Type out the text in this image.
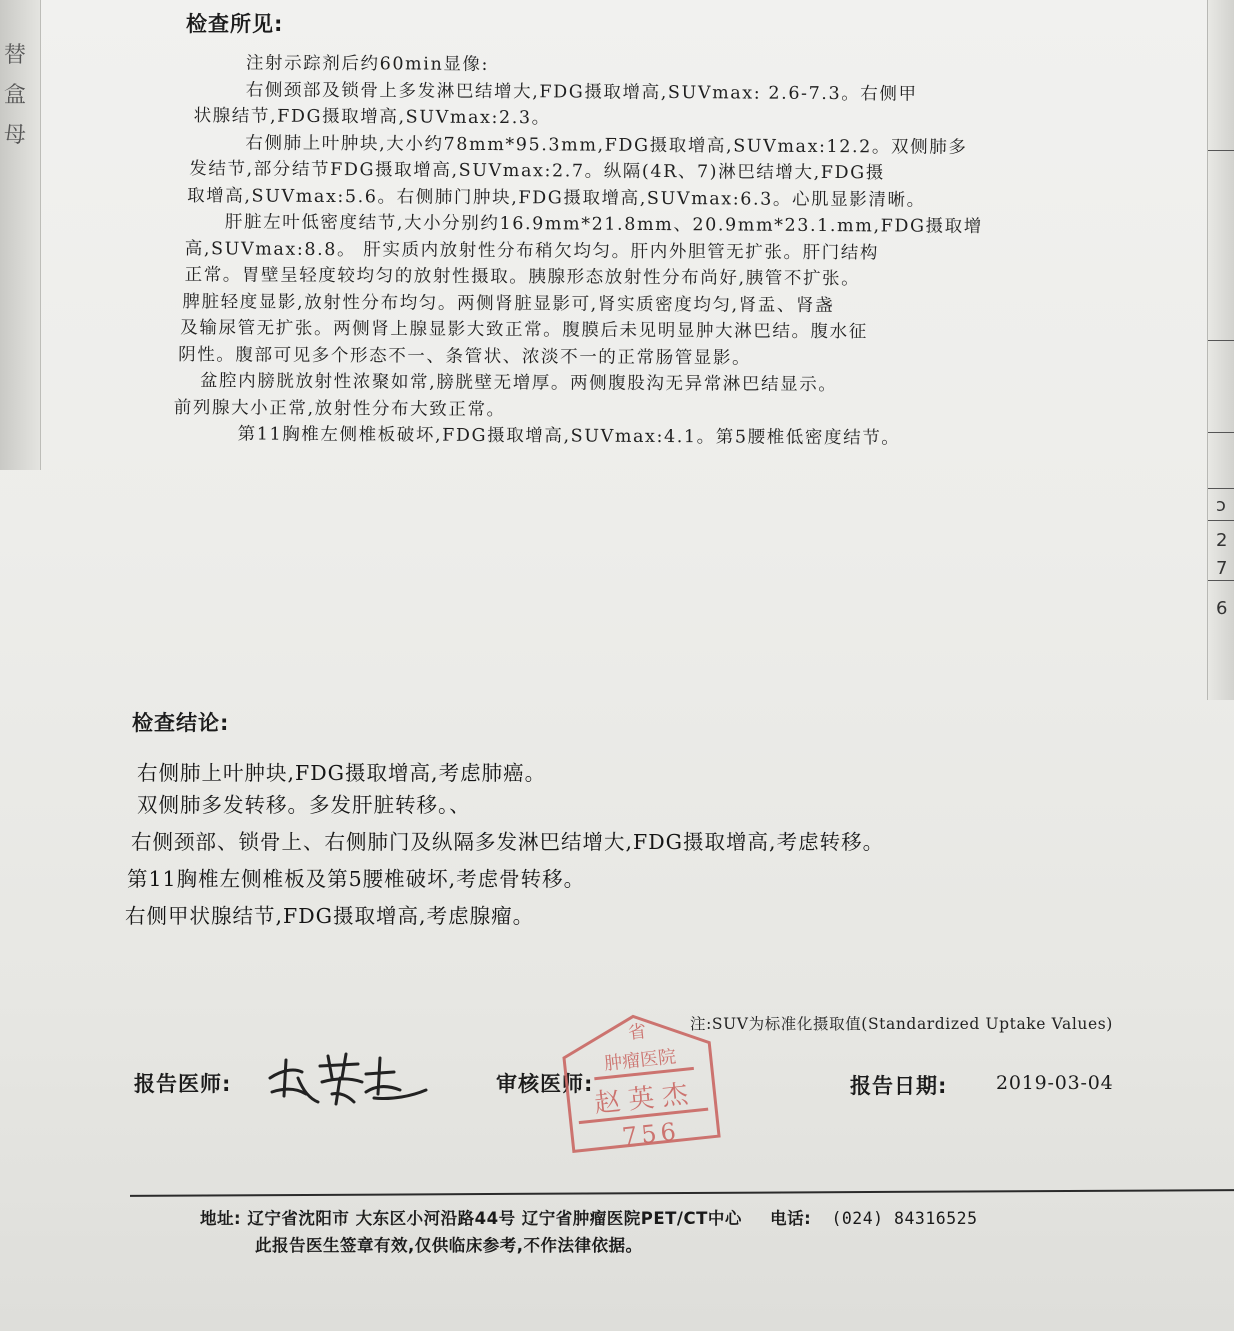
替
盒
母
ͻ
2
7
6
检查所见:

注射示踪剂后约60min显像:

右侧颈部及锁骨上多发淋巴结增大,FDG摄取增高,SUVmax: 2.6-7.3。右侧甲

状腺结节,FDG摄取增高,SUVmax:2.3。

右侧肺上叶肿块,大小约78mm*95.3mm,FDG摄取增高,SUVmax:12.2。双侧肺多

发结节,部分结节FDG摄取增高,SUVmax:2.7。纵隔(4R、7)淋巴结增大,FDG摄

取增高,SUVmax:5.6。右侧肺门肿块,FDG摄取增高,SUVmax:6.3。心肌显影清晰。

肝脏左叶低密度结节,大小分别约16.9mm*21.8mm、20.9mm*23.1.mm,FDG摄取增

高,SUVmax:8.8。 肝实质内放射性分布稍欠均匀。肝内外胆管无扩张。肝门结构

正常。胃壁呈轻度较均匀的放射性摄取。胰腺形态放射性分布尚好,胰管不扩张。

脾脏轻度显影,放射性分布均匀。两侧肾脏显影可,肾实质密度均匀,肾盂、肾盏

及输尿管无扩张。两侧肾上腺显影大致正常。腹膜后未见明显肿大淋巴结。腹水征

阴性。腹部可见多个形态不一、条管状、浓淡不一的正常肠管显影。

盆腔内膀胱放射性浓聚如常,膀胱壁无增厚。两侧腹股沟无异常淋巴结显示。

前列腺大小正常,放射性分布大致正常。

第11胸椎左侧椎板破坏,FDG摄取增高,SUVmax:4.1。第5腰椎低密度结节。

检查结论:

右侧肺上叶肿块,FDG摄取增高,考虑肺癌。

双侧肺多发转移。多发肝脏转移。、

右侧颈部、锁骨上、右侧肺门及纵隔多发淋巴结增大,FDG摄取增高,考虑转移。

第11胸椎左侧椎板及第5腰椎破坏,考虑骨转移。

右侧甲状腺结节,FDG摄取增高,考虑腺瘤。

注:SUV为标准化摄取值(Standardized Uptake Values)
报告医师:	审核医师:
省
肿瘤医院
赵英杰
756
报告日期:	2019-03-04
地址: 辽宁省沈阳市 大东区小河沿路44号 辽宁省肿瘤医院PET/CT中心 电话: (024) 84316525
此报告医生签章有效,仅供临床参考,不作法律依据。
